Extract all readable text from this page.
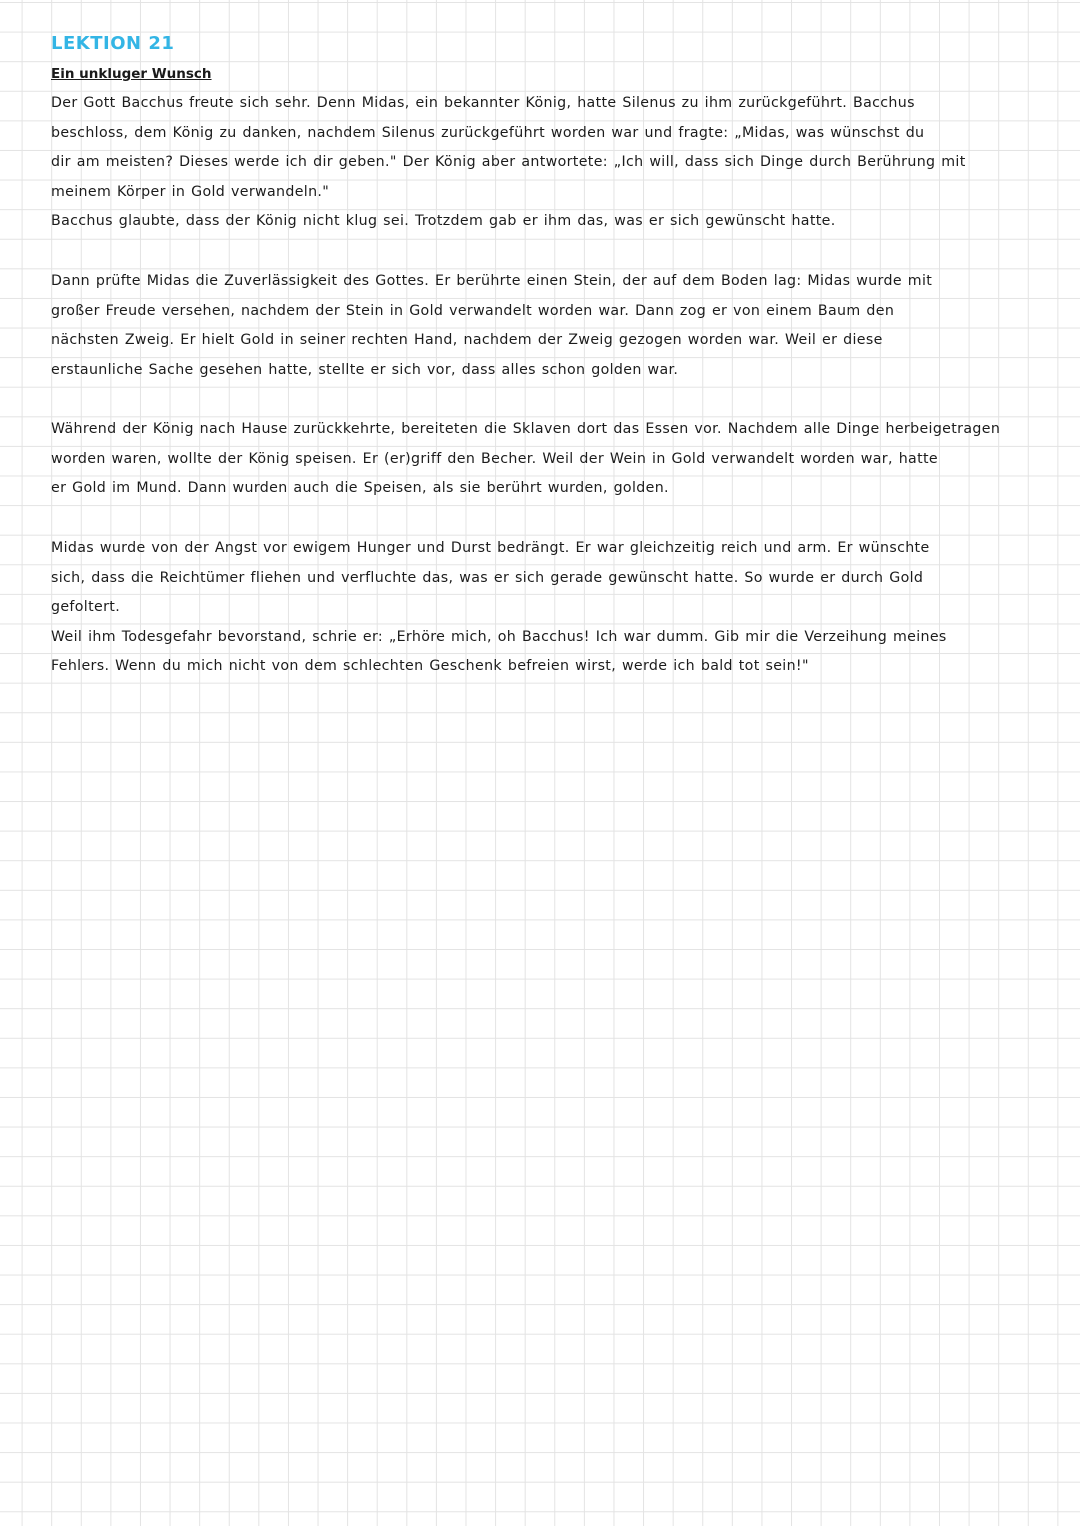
LEKTION 21
Ein unkluger Wunsch

Der Gott Bacchus freute sich sehr. Denn Midas, ein bekannter König, hatte Silenus zu ihm zurückgeführt. Bacchus
beschloss, dem König zu danken, nachdem Silenus zurückgeführt worden war und fragte: „Midas, was wünschst du
dir am meisten? Dieses werde ich dir geben." Der König aber antwortete: „Ich will, dass sich Dinge durch Berührung mit
meinem Körper in Gold verwandeln."
Bacchus glaubte, dass der König nicht klug sei. Trotzdem gab er ihm das, was er sich gewünscht hatte.

Dann prüfte Midas die Zuverlässigkeit des Gottes. Er berührte einen Stein, der auf dem Boden lag: Midas wurde mit
großer Freude versehen, nachdem der Stein in Gold verwandelt worden war. Dann zog er von einem Baum den
nächsten Zweig. Er hielt Gold in seiner rechten Hand, nachdem der Zweig gezogen worden war. Weil er diese
erstaunliche Sache gesehen hatte, stellte er sich vor, dass alles schon golden war.

Während der König nach Hause zurückkehrte, bereiteten die Sklaven dort das Essen vor. Nachdem alle Dinge herbeigetragen
worden waren, wollte der König speisen. Er (er)griff den Becher. Weil der Wein in Gold verwandelt worden war, hatte
er Gold im Mund. Dann wurden auch die Speisen, als sie berührt wurden, golden.

Midas wurde von der Angst vor ewigem Hunger und Durst bedrängt. Er war gleichzeitig reich und arm. Er wünschte
sich, dass die Reichtümer fliehen und verfluchte das, was er sich gerade gewünscht hatte. So wurde er durch Gold
gefoltert.
Weil ihm Todesgefahr bevorstand, schrie er: „Erhöre mich, oh Bacchus! Ich war dumm. Gib mir die Verzeihung meines
Fehlers. Wenn du mich nicht von dem schlechten Geschenk befreien wirst, werde ich bald tot sein!"
